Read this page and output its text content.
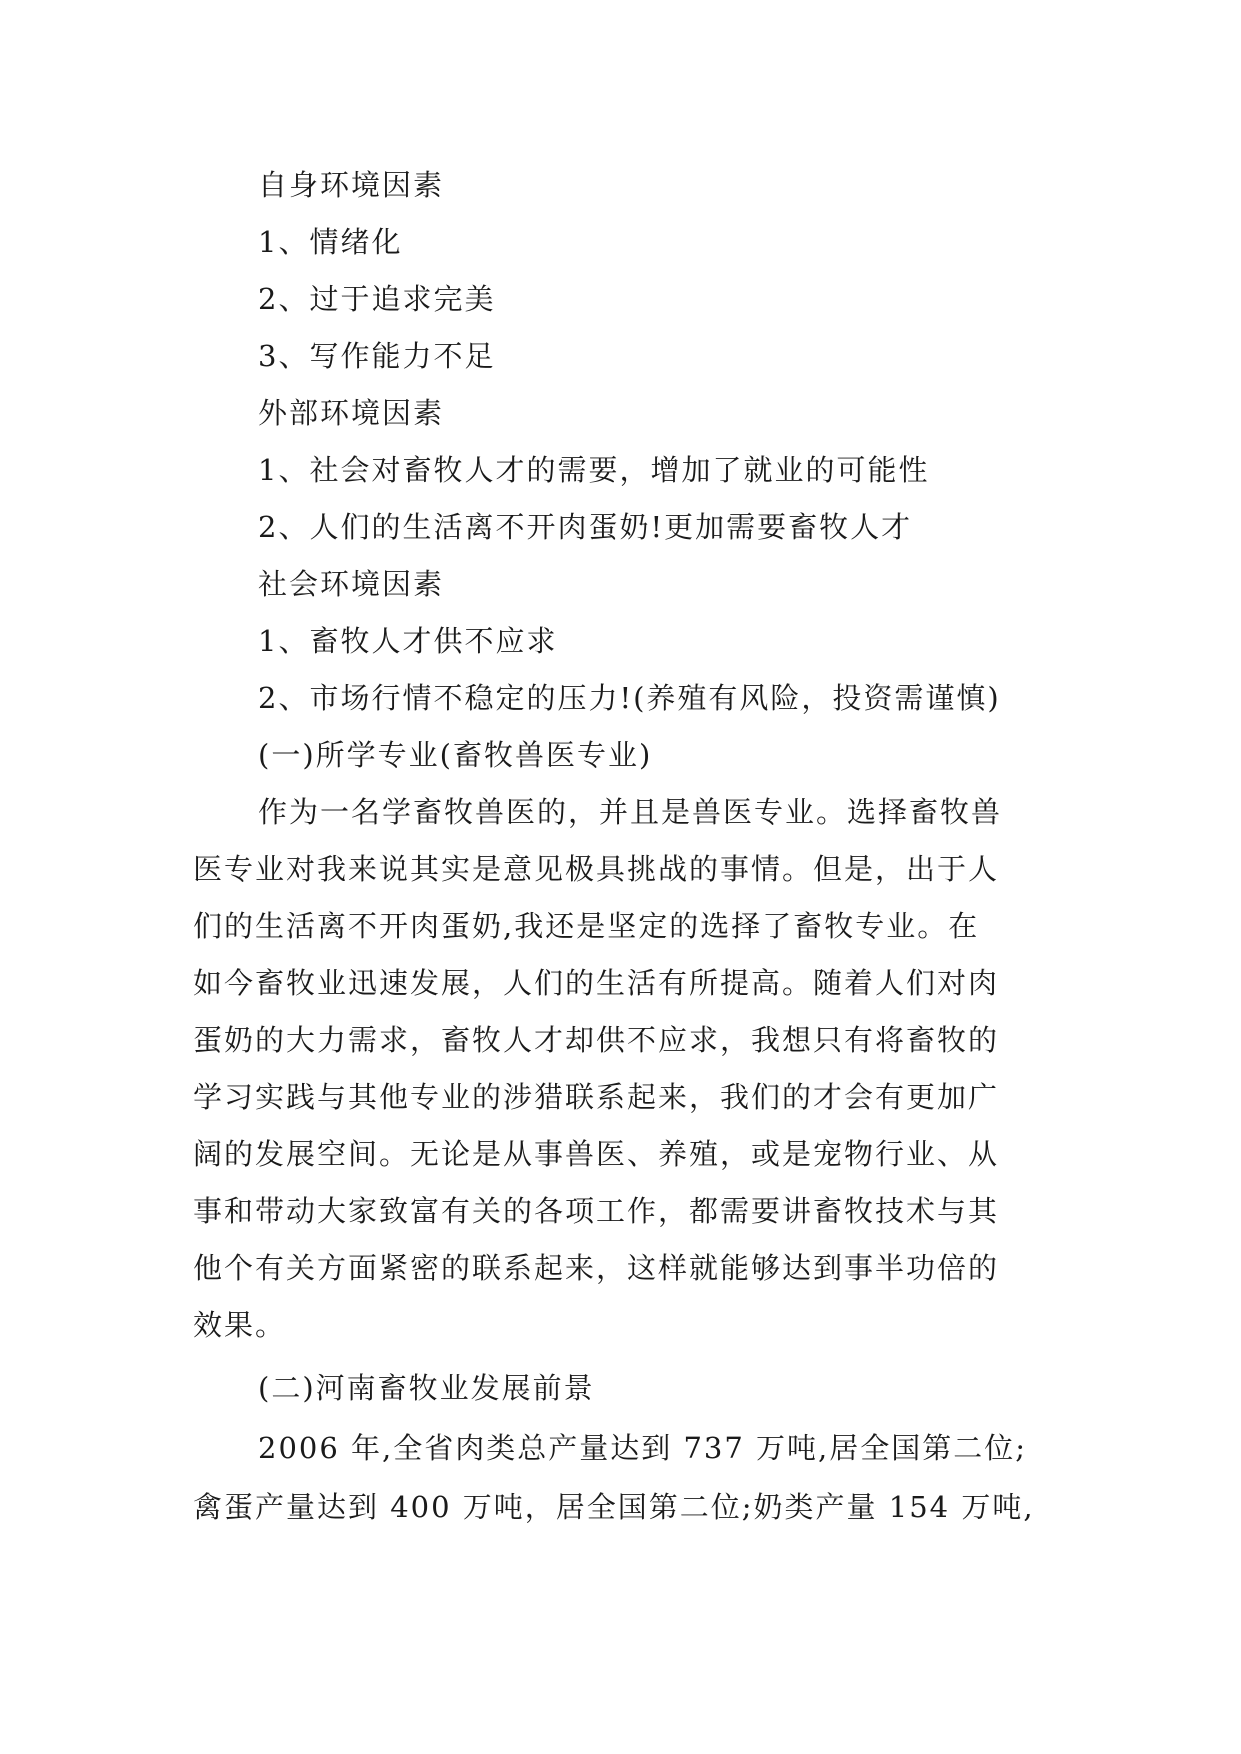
自身环境因素
1、情绪化
2、过于追求完美
3、写作能力不足
外部环境因素
1、社会对畜牧人才的需要，增加了就业的可能性
2、人们的生活离不开肉蛋奶!更加需要畜牧人才
社会环境因素
1、畜牧人才供不应求
2、市场行情不稳定的压力!(养殖有风险，投资需谨慎)
(一)所学专业(畜牧兽医专业)
作为一名学畜牧兽医的，并且是兽医专业。选择畜牧兽
医专业对我来说其实是意见极具挑战的事情。但是，出于人
们的生活离不开肉蛋奶,我还是坚定的选择了畜牧专业。在
如今畜牧业迅速发展，人们的生活有所提高。随着人们对肉
蛋奶的大力需求，畜牧人才却供不应求，我想只有将畜牧的
学习实践与其他专业的涉猎联系起来，我们的才会有更加广
阔的发展空间。无论是从事兽医、养殖，或是宠物行业、从
事和带动大家致富有关的各项工作，都需要讲畜牧技术与其
他个有关方面紧密的联系起来，这样就能够达到事半功倍的
效果。
(二)河南畜牧业发展前景
2006 年,全省肉类总产量达到 737 万吨,居全国第二位;
禽蛋产量达到 400 万吨，居全国第二位;奶类产量 154 万吨,
